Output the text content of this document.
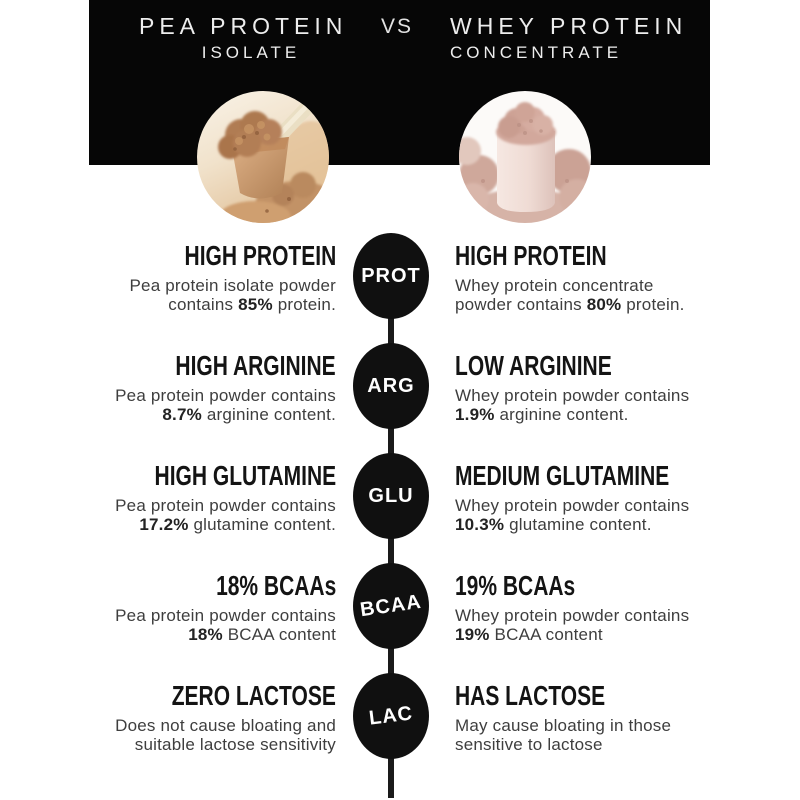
PEA PROTEIN
ISOLATE
VS WHEY PROTEIN
CONCENTRATE
HIGH PROTEIN
Pea protein isolate powder
contains 85% protein.
PROT
HIGH PROTEIN
Whey protein concentrate
powder contains 80% protein.
HIGH ARGININE
Pea protein powder contains
8.7% arginine content.
ARG
LOW ARGININE
Whey protein powder contains
1.9% arginine content.
HIGH GLUTAMINE
Pea protein powder contains
17.2% glutamine content.
GLU
MEDIUM GLUTAMINE
Whey protein powder contains
10.3% glutamine content.
18% BCAAs
Pea protein powder contains
18% BCAA content
BCAA
19% BCAAs
Whey protein powder contains
19% BCAA content
ZERO LACTOSE
Does not cause bloating and
suitable lactose sensitivity
LAC
HAS LACTOSE
May cause bloating in those
sensitive to lactose
